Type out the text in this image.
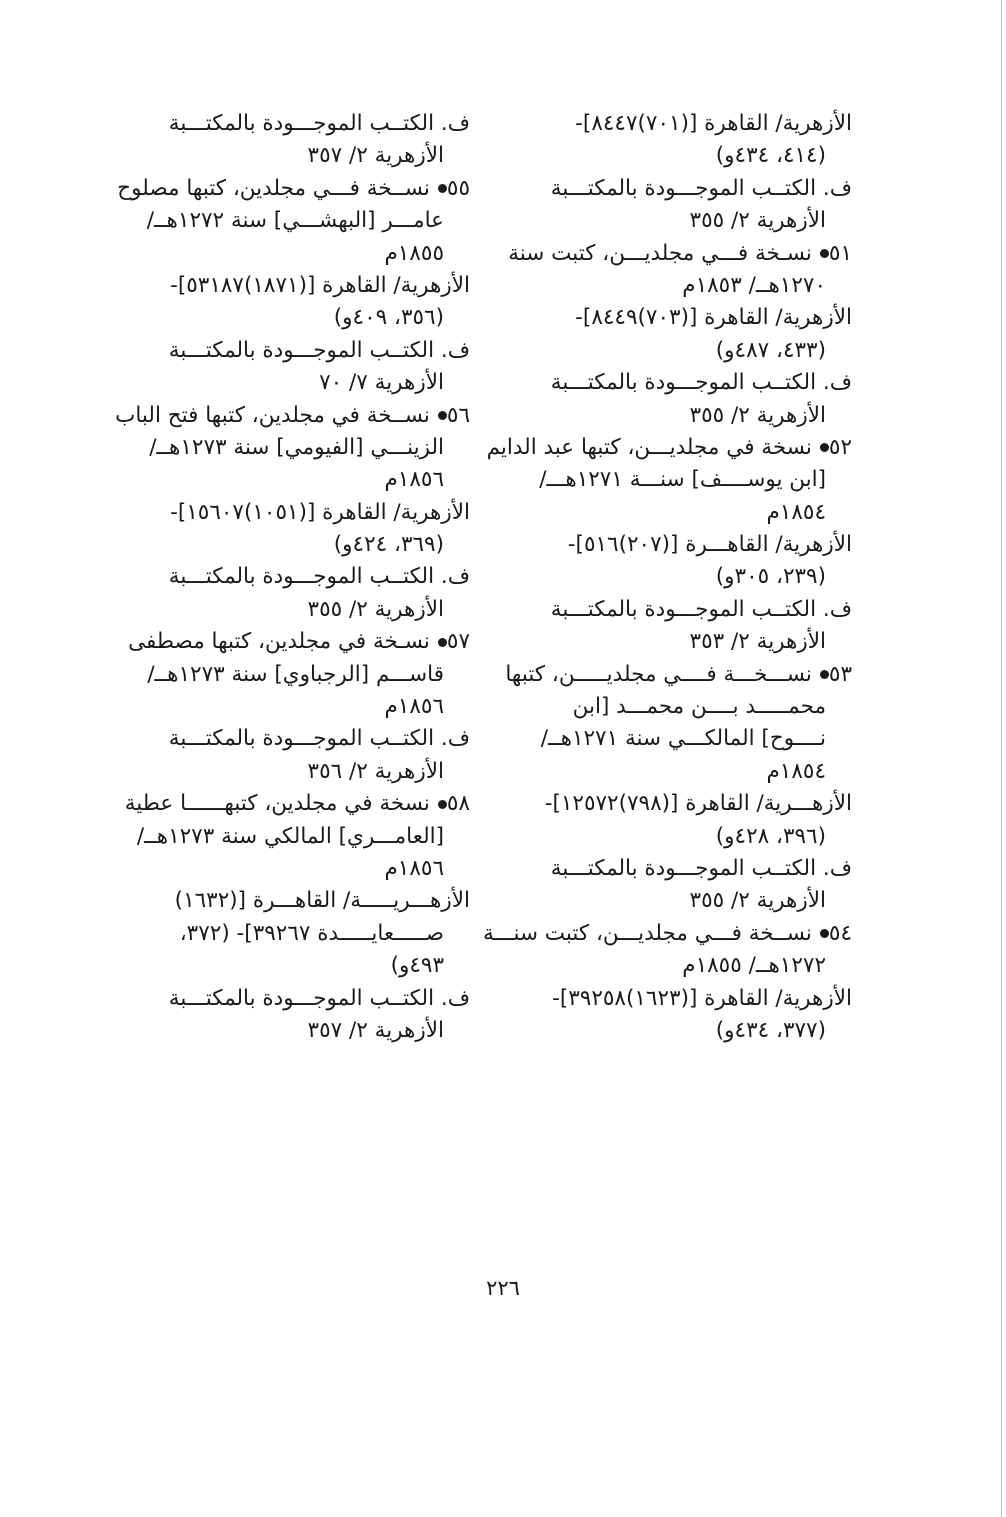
الأزهرية/ القاهرة [(٧٠١)٨٤٤٧]-
(٤١٤، ٤٣٤و)
ف. الكتــب الموجـــودة بالمكتـــبة
الأزهرية ٢/ ٣٥٥
٥١نسـخة فـــي مجلديـــن، كتبت سنة
١٢٧٠هــ/ ١٨٥٣م
الأزهرية/ القاهرة [(٧٠٣)٨٤٤٩]-
(٤٣٣، ٤٨٧و)
ف. الكتــب الموجـــودة بالمكتـــبة
الأزهرية ٢/ ٣٥٥
٥٢نسخة في مجلديـــن، كتبها عبد الدايم
[ابن يوســــف] سنـــة ١٢٧١هـــ/
١٨٥٤م
الأزهرية/ القاهـــرة [(٢٠٧)٥١٦]-
(٢٣٩، ٣٠٥و)
ف. الكتــب الموجـــودة بالمكتـــبة
الأزهرية ٢/ ٣٥٣
٥٣نســـخـــة فــــي مجلديـــــن، كتبها
محمـــــد بــــن محمـــد [ابن
نــــوح] المالكـــي سنة ١٢٧١هــ/
١٨٥٤م
الأزهـــرية/ القاهرة [(٧٩٨)١٢٥٧٢]-
(٣٩٦، ٤٢٨و)
ف. الكتــب الموجـــودة بالمكتـــبة
الأزهرية ٢/ ٣٥٥
٥٤نســخة فـــي مجلديـــن، كتبت سنـــة
١٢٧٢هــ/ ١٨٥٥م
الأزهرية/ القاهرة [(١٦٢٣)٣٩٢٥٨]-
(٣٧٧، ٤٣٤و)
ف. الكتــب الموجـــودة بالمكتـــبة
الأزهرية ٢/ ٣٥٧
٥٥نســخة فـــي مجلدين، كتبها مصلوح
عامـــر [البهشـــي] سنة ١٢٧٢هــ/
١٨٥٥م
الأزهرية/ القاهرة [(١٨٧١)٥٣١٨٧]-
(٣٥٦، ٤٠٩و)
ف. الكتــب الموجـــودة بالمكتـــبة
الأزهرية ٧/ ٧٠
٥٦نســخة في مجلدين، كتبها فتح الباب
الزينـــي [الفيومي] سنة ١٢٧٣هــ/
١٨٥٦م
الأزهرية/ القاهرة [(١٠٥١)١٥٦٠٧]-
(٣٦٩، ٤٢٤و)
ف. الكتــب الموجـــودة بالمكتـــبة
الأزهرية ٢/ ٣٥٥
٥٧نسـخة في مجلدين، كتبها مصطفى
قاســـم [الرجباوي] سنة ١٢٧٣هــ/
١٨٥٦م
ف. الكتــب الموجـــودة بالمكتـــبة
الأزهرية ٢/ ٣٥٦
٥٨نسخة في مجلدين، كتبهــــــا عطية
[العامـــري] المالكي سنة ١٢٧٣هــ/
١٨٥٦م
الأزهـــريـــــة/ القاهـــرة [(١٦٣٢)
صـــــعايـــــدة ٣٩٢٦٧]- (٣٧٢،
٤٩٣و)
ف. الكتــب الموجـــودة بالمكتـــبة
الأزهرية ٢/ ٣٥٧
٢٢٦
